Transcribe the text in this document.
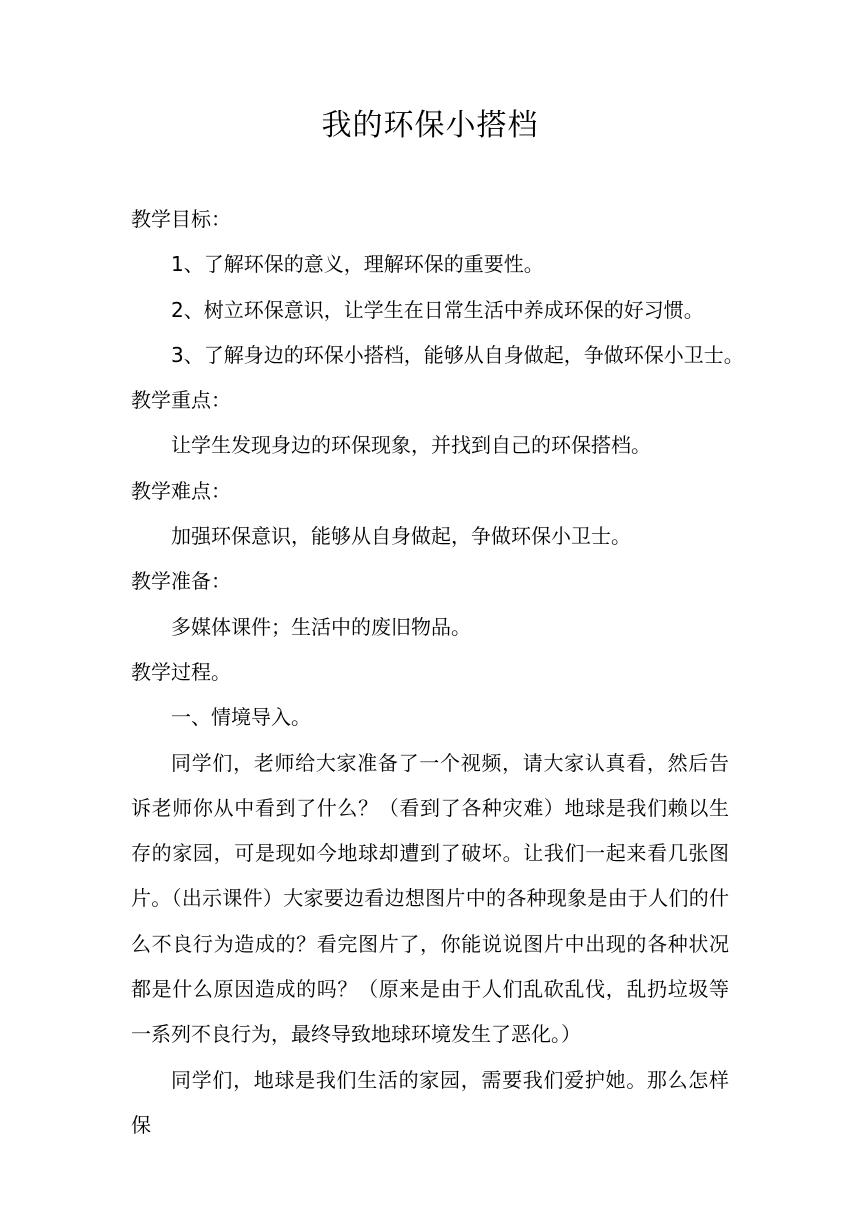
我的环保小搭档

教学目标：

1、了解环保的意义，理解环保的重要性。

2、树立环保意识，让学生在日常生活中养成环保的好习惯。

3、了解身边的环保小搭档，能够从自身做起，争做环保小卫士。

教学重点：

让学生发现身边的环保现象，并找到自己的环保搭档。

教学难点：

加强环保意识，能够从自身做起，争做环保小卫士。

教学准备：

多媒体课件；生活中的废旧物品。

教学过程。

一、情境导入。

同学们，老师给大家准备了一个视频，请大家认真看，然后告诉老师你从中看到了什么？（看到了各种灾难）地球是我们赖以生存的家园，可是现如今地球却遭到了破坏。让我们一起来看几张图片。（出示课件）大家要边看边想图片中的各种现象是由于人们的什么不良行为造成的？看完图片了，你能说说图片中出现的各种状况都是什么原因造成的吗？（原来是由于人们乱砍乱伐，乱扔垃圾等一系列不良行为，最终导致地球环境发生了恶化。）

同学们，地球是我们生活的家园，需要我们爱护她。那么怎样保
